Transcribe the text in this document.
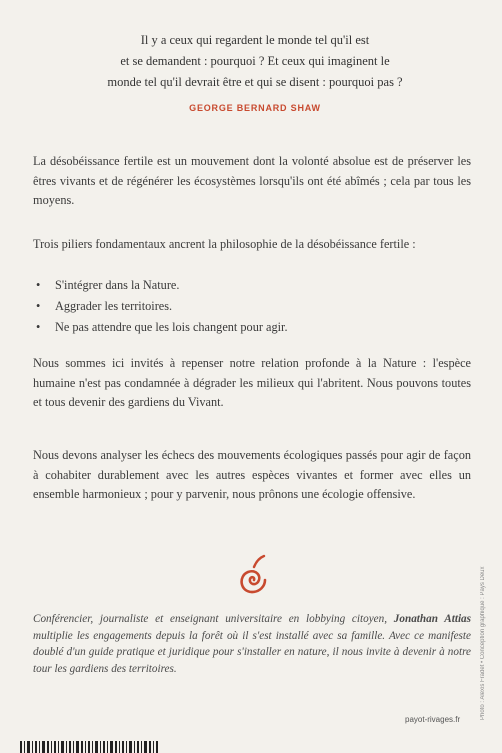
Il y a ceux qui regardent le monde tel qu'il est
et se demandent : pourquoi ? Et ceux qui imaginent le
monde tel qu'il devrait être et qui se disent : pourquoi pas ?
GEORGE BERNARD SHAW
La désobéissance fertile est un mouvement dont la volonté absolue est de préserver les êtres vivants et de régénérer les écosystèmes lorsqu'ils ont été abîmés ; cela par tous les moyens.
Trois piliers fondamentaux ancrent la philosophie de la désobéissance fertile :
• S'intégrer dans la Nature.
• Aggrader les territoires.
• Ne pas attendre que les lois changent pour agir.
Nous sommes ici invités à repenser notre relation profonde à la Nature : l'espèce humaine n'est pas condamnée à dégrader les milieux qui l'abritent. Nous pouvons toutes et tous devenir des gardiens du Vivant.
Nous devons analyser les échecs des mouvements écologiques passés pour agir de façon à cohabiter durablement avec les autres espèces vivantes et former avec elles un ensemble harmonieux ; pour y parvenir, nous prônons une écologie offensive.
Conférencier, journaliste et enseignant universitaire en lobbying citoyen, Jonathan Attias multiplie les engagements depuis la forêt où il s'est installé avec sa famille. Avec ce manifeste doublé d'un guide pratique et juridique pour s'installer en nature, il nous invite à devenir à notre tour les gardiens des territoires.	Photo : Alexis Fradet • Conception graphique : Pays Deux
payot-rivages.fr
